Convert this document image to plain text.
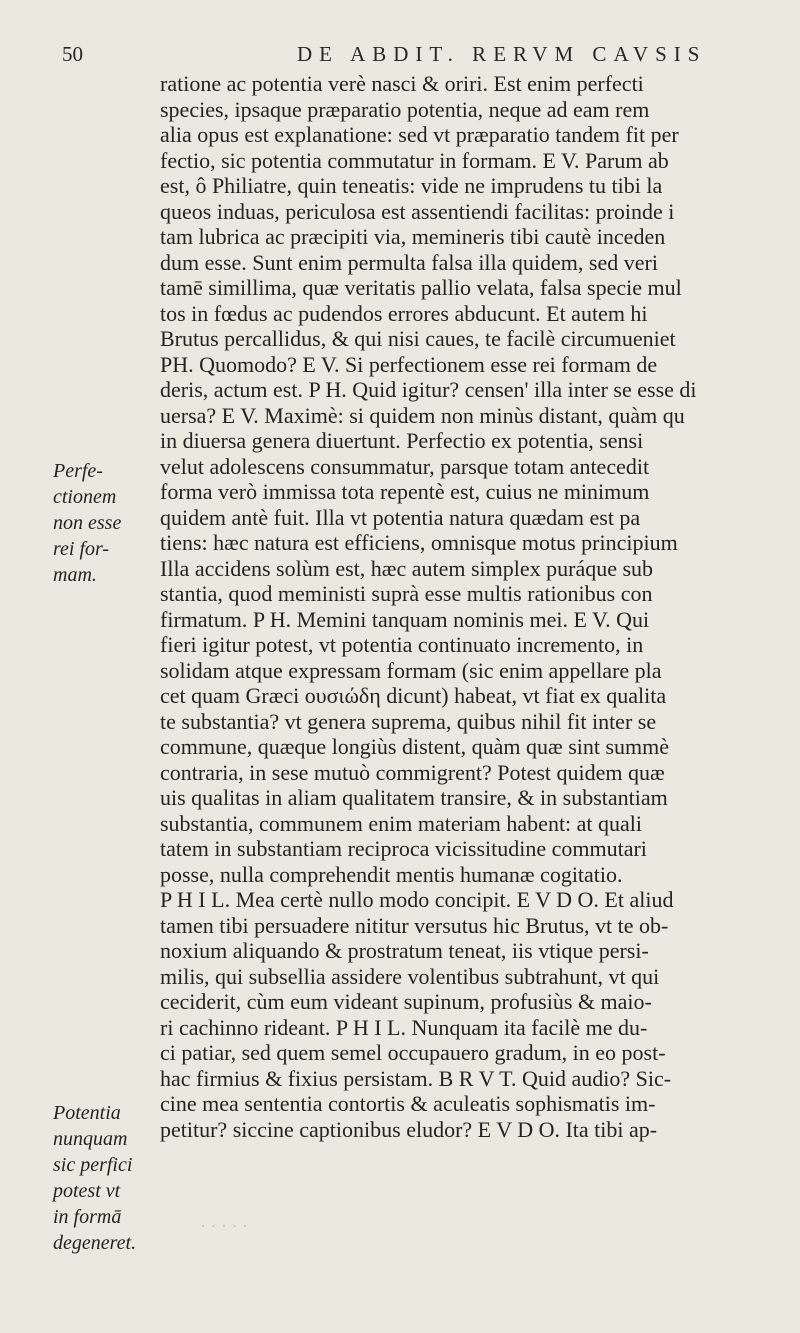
50	DE ABDIT. RERVM CAVSIS
Perfe-
ctionem
non esse
rei for-
mam.
Potentia
nunquam
sic perfici
potest vt
in formā
degeneret.
ratione ac potentia verè nasci & oriri. Est enim perfecti
species, ipsaque præparatio potentia, neque ad eam rem
alia opus est explanatione: sed vt præparatio tandem fit per
fectio, sic potentia commutatur in formam. E V. Parum ab
est, ô Philiatre, quin teneatis: vide ne imprudens tu tibi la
queos induas, periculosa est assentiendi facilitas: proinde i
tam lubrica ac præcipiti via, memineris tibi cautè inceden
dum esse. Sunt enim permulta falsa illa quidem, sed veri
tamē simillima, quæ veritatis pallio velata, falsa specie mul
tos in fœdus ac pudendos errores abducunt. Et autem hi
Brutus percallidus, & qui nisi caues, te facilè circumueniet
PH. Quomodo? E V. Si perfectionem esse rei formam de
deris, actum est. P H. Quid igitur? censen' illa inter se esse di
uersa? E V. Maximè: si quidem non minùs distant, quàm qu
in diuersa genera diuertunt. Perfectio ex potentia, sensi
velut adolescens consummatur, parsque totam antecedit
forma verò immissa tota repentè est, cuius ne minimum
quidem antè fuit. Illa vt potentia natura quædam est pa
tiens: hæc natura est efficiens, omnisque motus principium
Illa accidens solùm est, hæc autem simplex puráque sub
stantia, quod meministi suprà esse multis rationibus con
firmatum. P H. Memini tanquam nominis mei. E V. Qui
fieri igitur potest, vt potentia continuato incremento, in
solidam atque expressam formam (sic enim appellare pla
cet quam Græci ουσιώδη dicunt) habeat, vt fiat ex qualita
te substantia? vt genera suprema, quibus nihil fit inter se
commune, quæque longiùs distent, quàm quæ sint summè
contraria, in sese mutuò commigrent? Potest quidem quæ
uis qualitas in aliam qualitatem transire, & in substantiam
substantia, communem enim materiam habent: at quali
tatem in substantiam reciproca vicissitudine commutari
posse, nulla comprehendit mentis humanæ cogitatio.
P H I L. Mea certè nullo modo concipit. E V D O. Et aliud
tamen tibi persuadere nititur versutus hic Brutus, vt te ob-
noxium aliquando & prostratum teneat, iis vtique persi-
milis, qui subsellia assidere volentibus subtrahunt, vt qui
ceciderit, cùm eum videant supinum, profusiùs & maio-
ri cachinno rideant. P H I L. Nunquam ita facilè me du-
ci patiar, sed quem semel occupauero gradum, in eo post-
hac firmius & fixius persistam. B R V T. Quid audio? Sic-
cine mea sententia contortis & aculeatis sophismatis im-
petitur? siccine captionibus eludor? E V D O. Ita tibi ap-
· · · · ·
